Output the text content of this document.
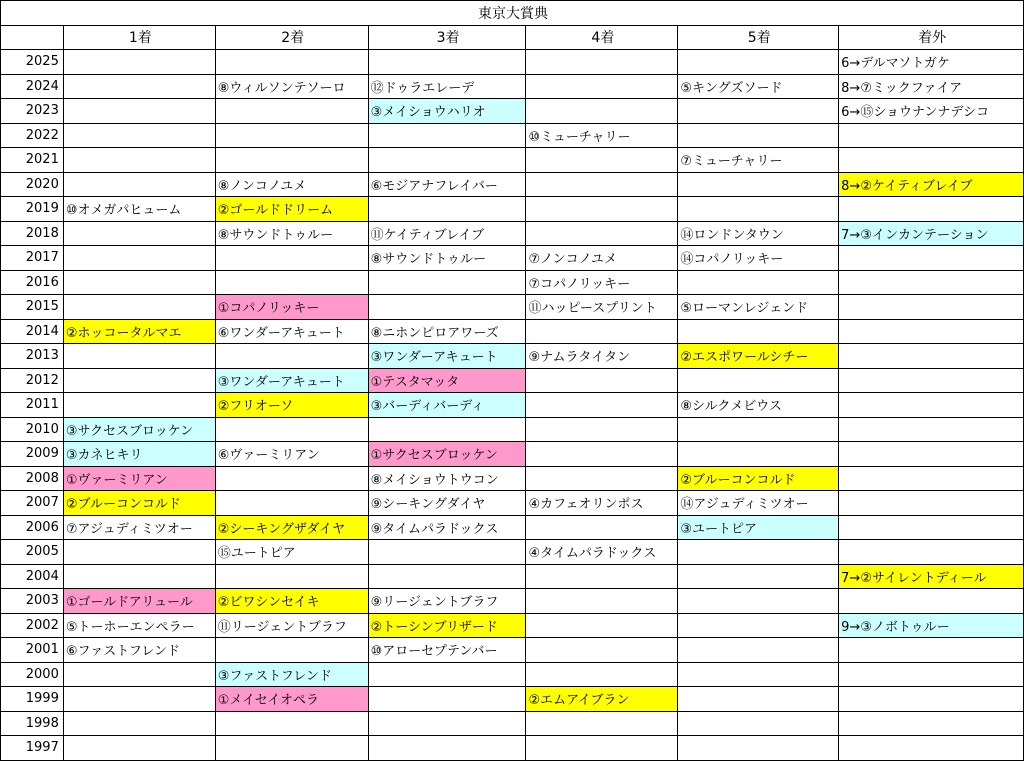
東京大賞典						
	1着	2着	3着	4着	5着	着外
2025						6→デルマソトガケ
2024		⑧ウィルソンテソーロ	⑫ドゥラエレーデ		⑤キングズソード	8→⑦ミックファイア
2023			③メイショウハリオ			6→⑮ショウナンナデシコ
2022				⑩ミューチャリー		
2021					⑦ミューチャリー	
2020		⑧ノンコノユメ	⑥モジアナフレイバー			8→②ケイティブレイブ
2019	⑩オメガパヒューム	②ゴールドドリーム				
2018		⑧サウンドトゥルー	⑪ケイティブレイブ		⑭ロンドンタウン	7→③インカンテーション
2017			⑧サウンドトゥルー	⑦ノンコノユメ	⑭コパノリッキー	
2016				⑦コパノリッキー		
2015		①コパノリッキー		⑪ハッピースプリント	⑤ローマンレジェンド	
2014	②ホッコータルマエ	⑥ワンダーアキュート	⑧ニホンピロアワーズ			
2013			③ワンダーアキュート	⑨ナムラタイタン	②エスポワールシチー	
2012		③ワンダーアキュート	①テスタマッタ			
2011		②フリオーソ	③バーディバーディ		⑧シルクメビウス	
2010	③サクセスブロッケン					
2009	③カネヒキリ	⑥ヴァーミリアン	①サクセスブロッケン			
2008	①ヴァーミリアン		⑧メイショウトウコン		②ブルーコンコルド	
2007	②ブルーコンコルド		⑨シーキングダイヤ	④カフェオリンポス	⑭アジュディミツオー	
2006	⑦アジュディミツオー	②シーキングザダイヤ	⑨タイムパラドックス		③ユートピア	
2005		⑮ユートピア		④タイムパラドックス		
2004						7→②サイレントディール
2003	①ゴールドアリュール	②ビワシンセイキ	⑨リージェントブラフ			
2002	⑤トーホーエンペラー	⑪リージェントブラフ	②トーシンブリザード			9→③ノボトゥルー
2001	⑥ファストフレンド		⑩アローセプテンバー			
2000		③ファストフレンド				
1999		①メイセイオペラ		②エムアイブラン		
1998						
1997						
